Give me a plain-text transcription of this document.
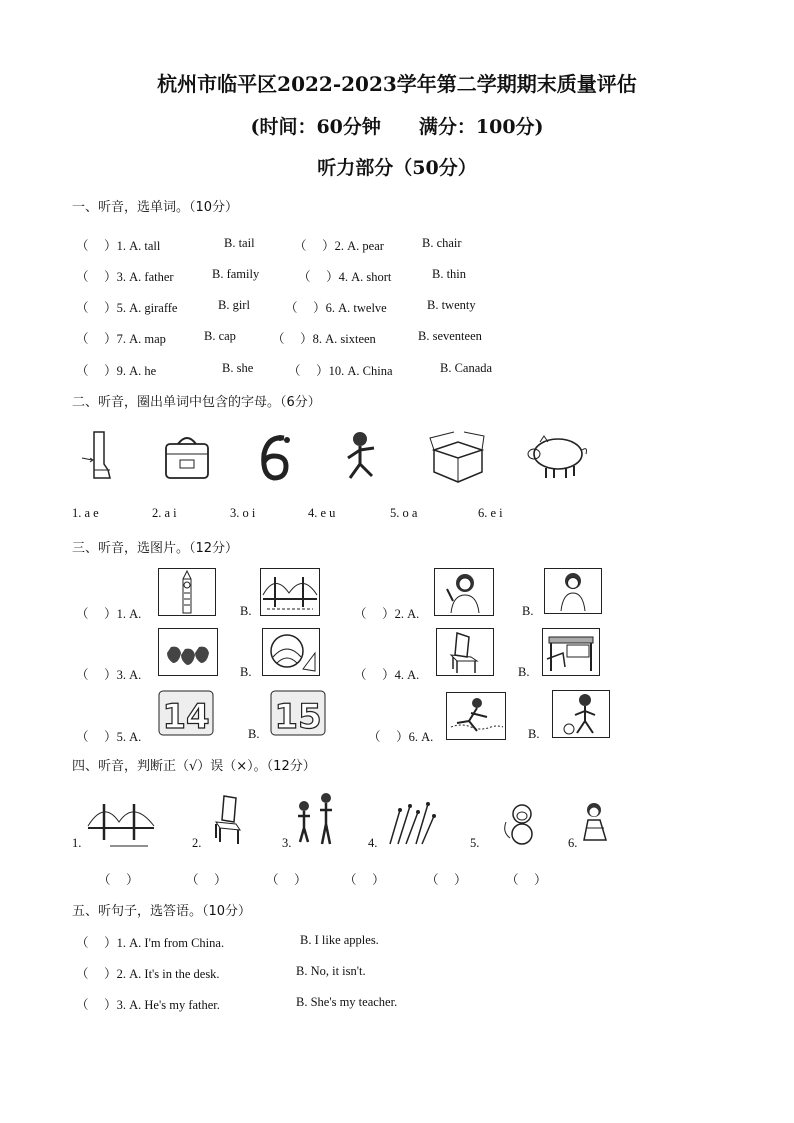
杭州市临平区2022-2023学年第二学期期末质量评估
(时间：60分钟　　满分：100分)
听力部分（50分）
一、听音，选单词。（10分）
（　 ）1. A. tall	B. tail	（　 ）2. A. pear	B. chair
（　 ）3. A. father	B. family	（　 ）4. A. short	B. thin
（　 ）5. A. giraffe	B. girl	（　 ）6. A. twelve	B. twenty
（　 ）7. A. map	B. cap	（　 ）8. A. sixteen	B. seventeen
（　 ）9. A. he	B. she	（　 ）10. A. China	B. Canada
二、听音，圈出单词中包含的字母。（6分）
1. a e	2. a i	3. o i	4. e u	5. o a	6. e i
三、听音，选图片。（12分）
（　 ）1. A.	B.	（　 ）2. A.	B.
（　 ）3. A.	B.	（　 ）4. A.	B.
（　 ）5. A. 14	B. 15	（　 ）6. A.	B.
四、听音，判断正（√）误（×）。（12分）
1.	2.	3.	4.	5.	6.
（　 ）	（　 ）	（　 ）	（　 ）	（　 ）	（　 ）
五、听句子，选答语。（10分）
（　 ）1. A. I'm from China.	B. I like apples.
（　 ）2. A. It's in the desk.	B. No, it isn't.
（　 ）3. A. He's my father.	B. She's my teacher.
